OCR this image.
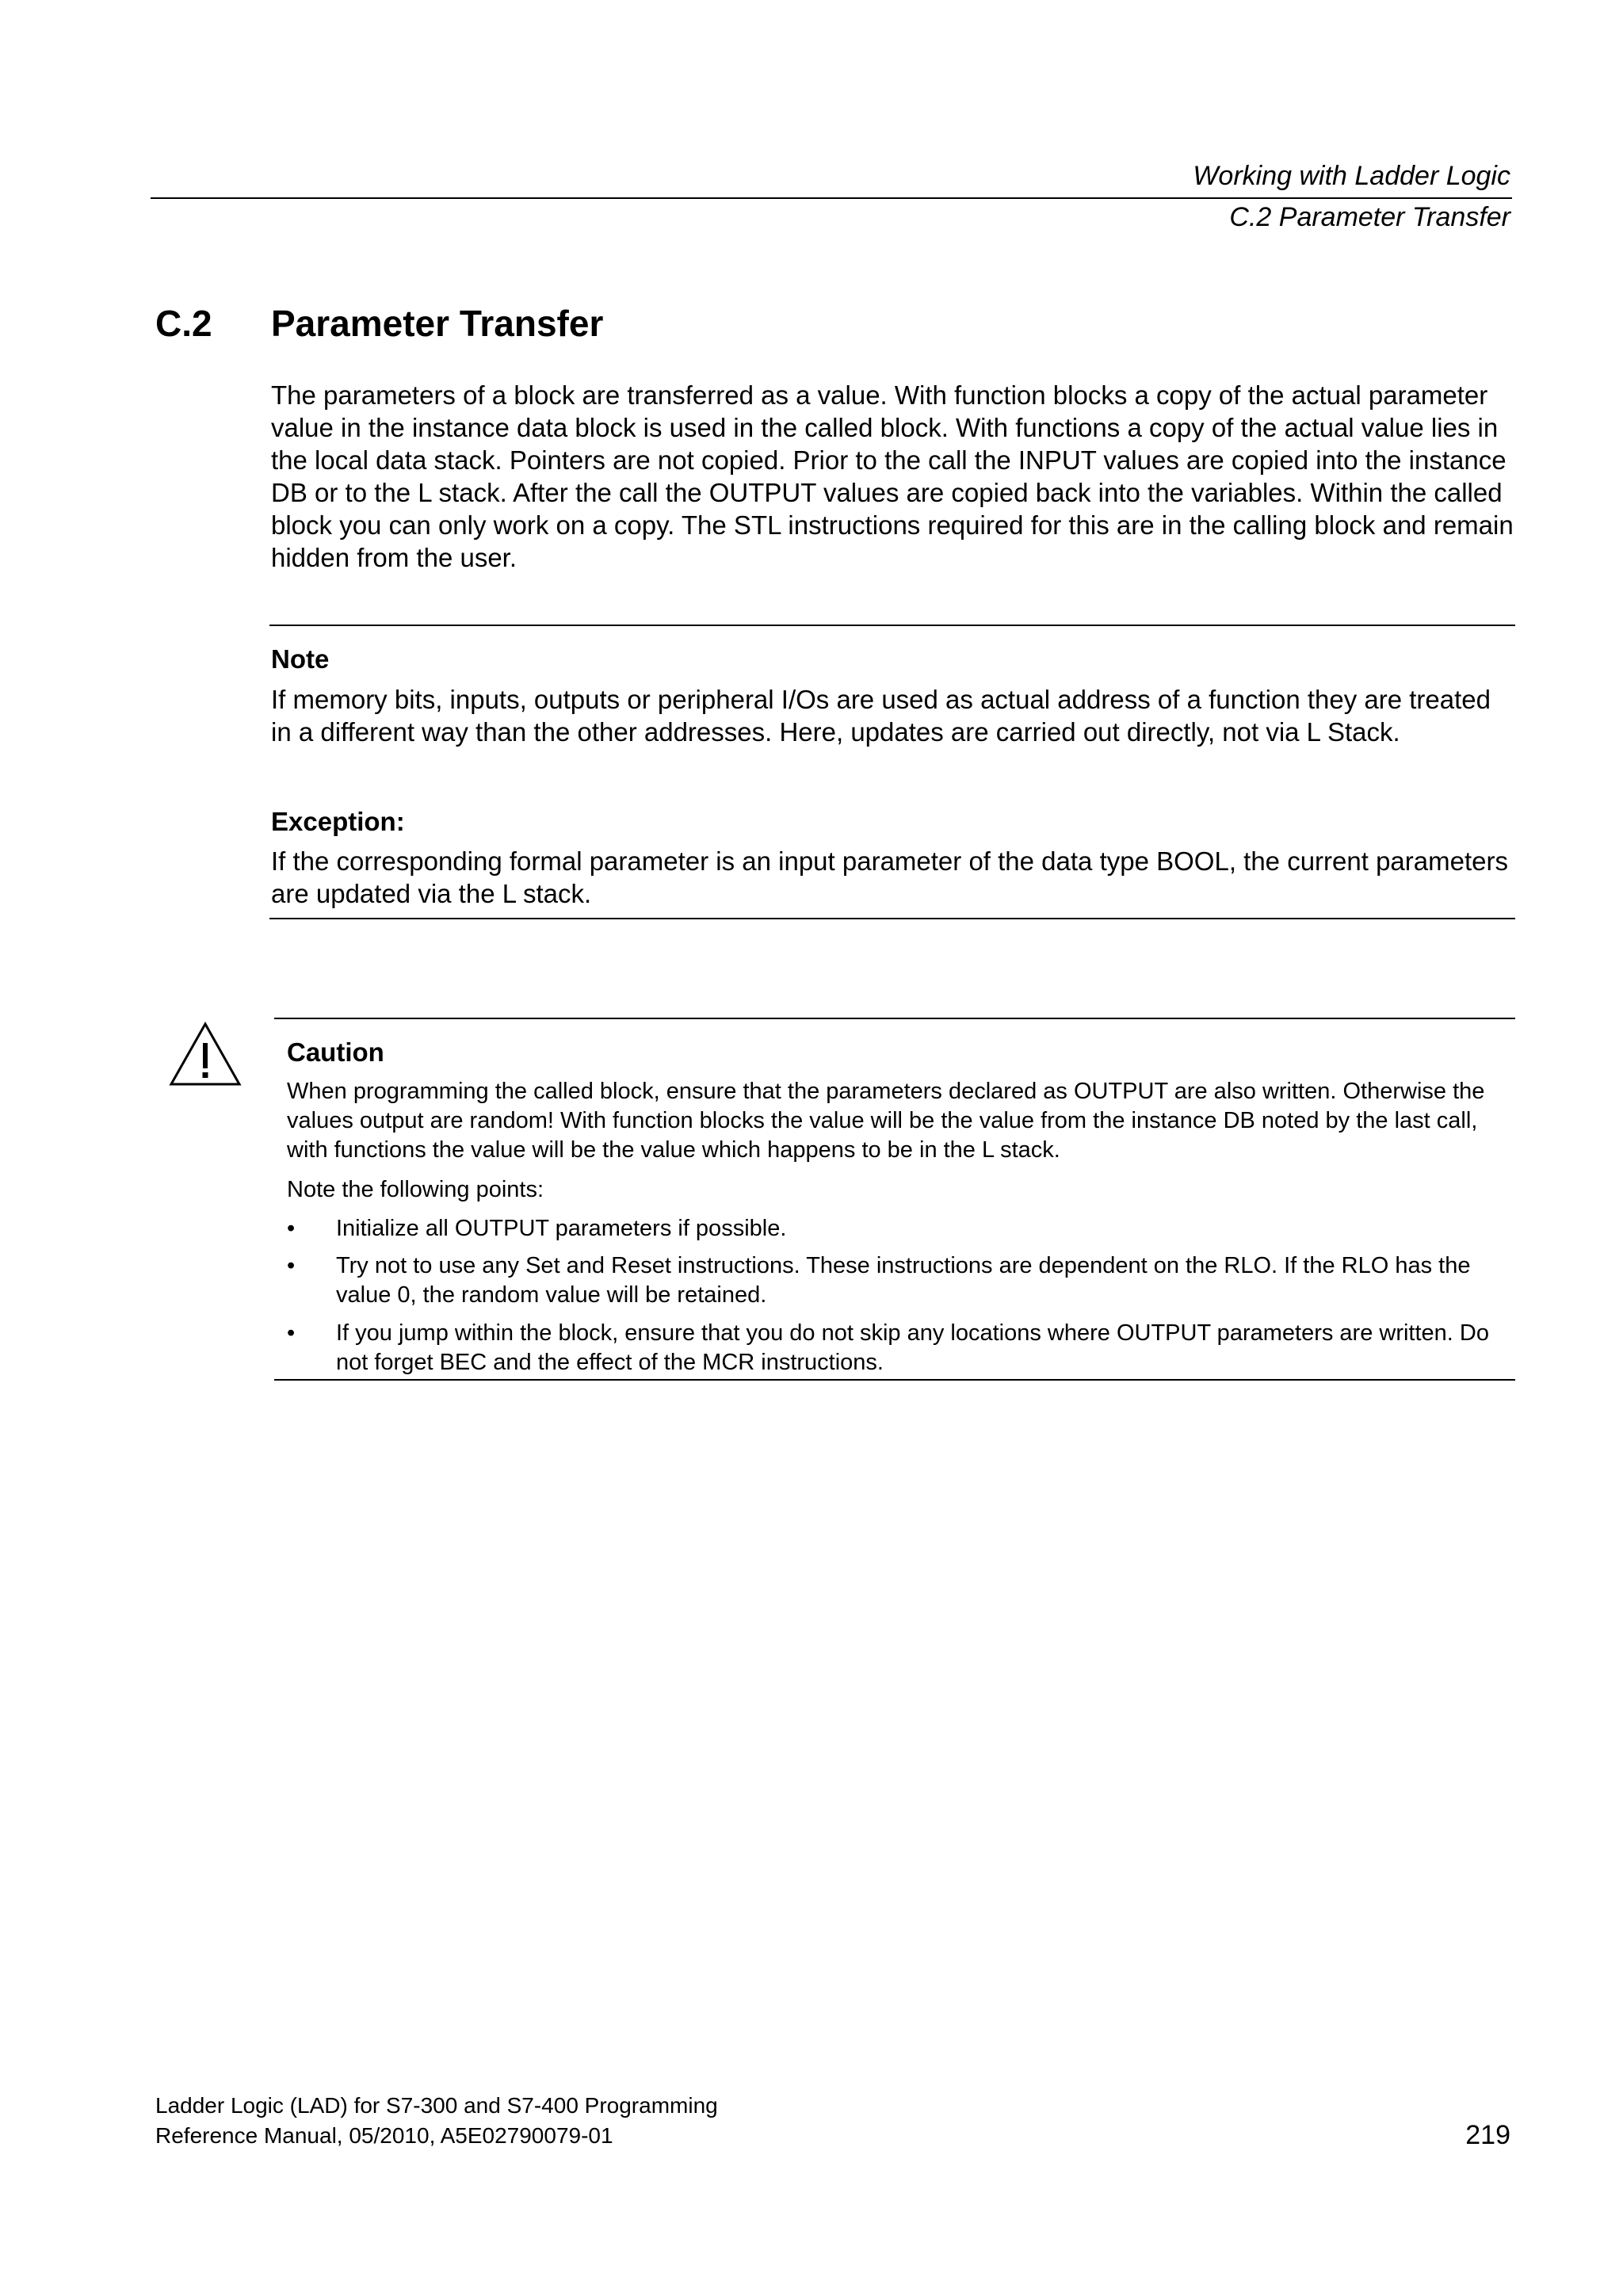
Working with Ladder Logic
C.2 Parameter Transfer
C.2 Parameter Transfer
The parameters of a block are transferred as a value. With function blocks a copy of the actual parameter value in the instance data block is used in the called block. With functions a copy of the actual value lies in the local data stack. Pointers are not copied. Prior to the call the INPUT values are copied into the instance DB or to the L stack. After the call the OUTPUT values are copied back into the variables. Within the called block you can only work on a copy. The STL instructions required for this are in the calling block and remain hidden from the user.
Note
If memory bits, inputs, outputs or peripheral I/Os are used as actual address of a function they are treated in a different way than the other addresses. Here, updates are carried out directly, not via L Stack.
Exception:
If the corresponding formal parameter is an input parameter of the data type BOOL, the current parameters are updated via the L stack.
Caution
When programming the called block, ensure that the parameters declared as OUTPUT are also written. Otherwise the values output are random! With function blocks the value will be the value from the instance DB noted by the last call, with functions the value will be the value which happens to be in the L stack.
Note the following points:
•	Initialize all OUTPUT parameters if possible.
•	Try not to use any Set and Reset instructions. These instructions are dependent on the RLO. If the RLO has the value 0, the random value will be retained.
•	If you jump within the block, ensure that you do not skip any locations where OUTPUT parameters are written. Do not forget BEC and the effect of the MCR instructions.
Ladder Logic (LAD) for S7-300 and S7-400 Programming
Reference Manual, 05/2010, A5E02790079-01	219
